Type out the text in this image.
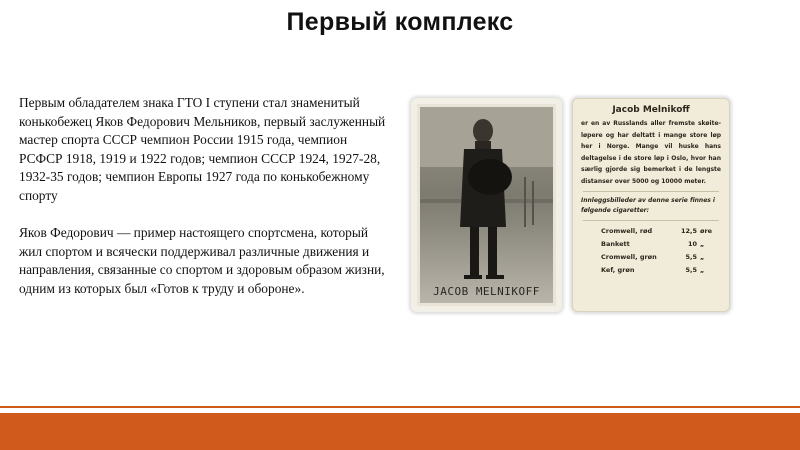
Первый комплекс

Первым обладателем знака ГТО I ступени стал знаменитый конькобежец Яков Федорович Мельников, первый заслуженный мастер спорта СССР чемпион России 1915 года, чемпион РСФСР 1918, 1919 и 1922 годов; чемпион СССР 1924, 1927-28, 1932-35 годов; чемпион Европы 1927 года по конькобежному спорту

Яков Федорович — пример настоящего спортсмена, который жил спортом и всячески поддерживал различные движения и направления, связанные со спортом и здоровым образом жизни, одним из которых был «Готов к труду и обороне».	JACOB MELNIKOFF
Jacob Melnikoff
er en av Russlands aller fremste skøite-løpere og har deltatt i mange store løp her i Norge. Mange vil huske hans deltagelse i de store løp i Oslo, hvor han særlig gjorde sig bemerket i de lengste distanser over 5000 og 10000 meter.
Innleggsbilleder av denne serie finnes i følgende cigaretter:
Cromwell, rød	12,5 øre
Bankett	10 „
Cromwell, grøn	5,5 „
Kef, grøn	5,5 „
